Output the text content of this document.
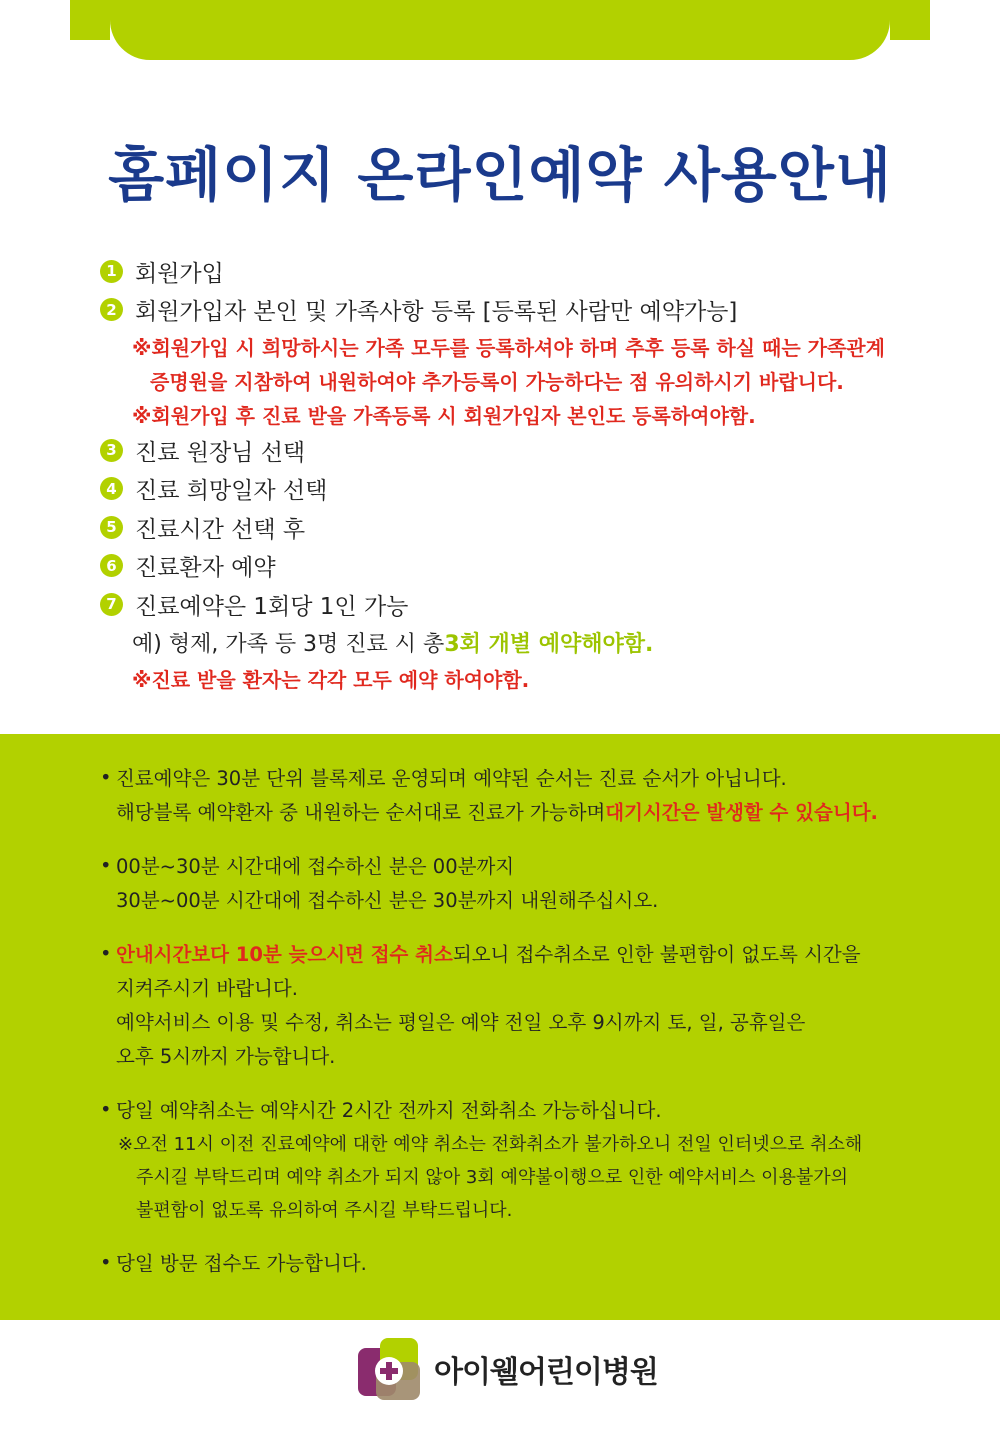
홈페이지 온라인예약 사용안내
1 회원가입
2 회원가입자 본인 및 가족사항 등록 [등록된 사람만 예약가능]
※회원가입 시 희망하시는 가족 모두를 등록하셔야 하며 추후 등록 하실 때는 가족관계
증명원을 지참하여 내원하여야 추가등록이 가능하다는 점 유의하시기 바랍니다.
※회원가입 후 진료 받을 가족등록 시 회원가입자 본인도 등록하여야함.
3 진료 원장님 선택
4 진료 희망일자 선택
5 진료시간 선택 후
6 진료환자 예약
7 진료예약은 1회당 1인 가능
예) 형제, 가족 등 3명 진료 시 총 3회 개별 예약해야함.
※진료 받을 환자는 각각 모두 예약 하여야함.
• 진료예약은 30분 단위 블록제로 운영되며 예약된 순서는 진료 순서가 아닙니다.
해당블록 예약환자 중 내원하는 순서대로 진료가 가능하며 대기시간은 발생할 수 있습니다.
• 00분~30분 시간대에 접수하신 분은 00분까지
30분~00분 시간대에 접수하신 분은 30분까지 내원해주십시오.
• 안내시간보다 10분 늦으시면 접수 취소 되오니 접수취소로 인한 불편함이 없도록 시간을
지켜주시기 바랍니다.
예약서비스 이용 및 수정, 취소는 평일은 예약 전일 오후 9시까지 토, 일, 공휴일은
오후 5시까지 가능합니다.
• 당일 예약취소는 예약시간 2시간 전까지 전화취소 가능하십니다.
※오전 11시 이전 진료예약에 대한 예약 취소는 전화취소가 불가하오니 전일 인터넷으로 취소해
주시길 부탁드리며 예약 취소가 되지 않아 3회 예약불이행으로 인한 예약서비스 이용불가의
불편함이 없도록 유의하여 주시길 부탁드립니다.
• 당일 방문 접수도 가능합니다.
아이웰어린이병원
